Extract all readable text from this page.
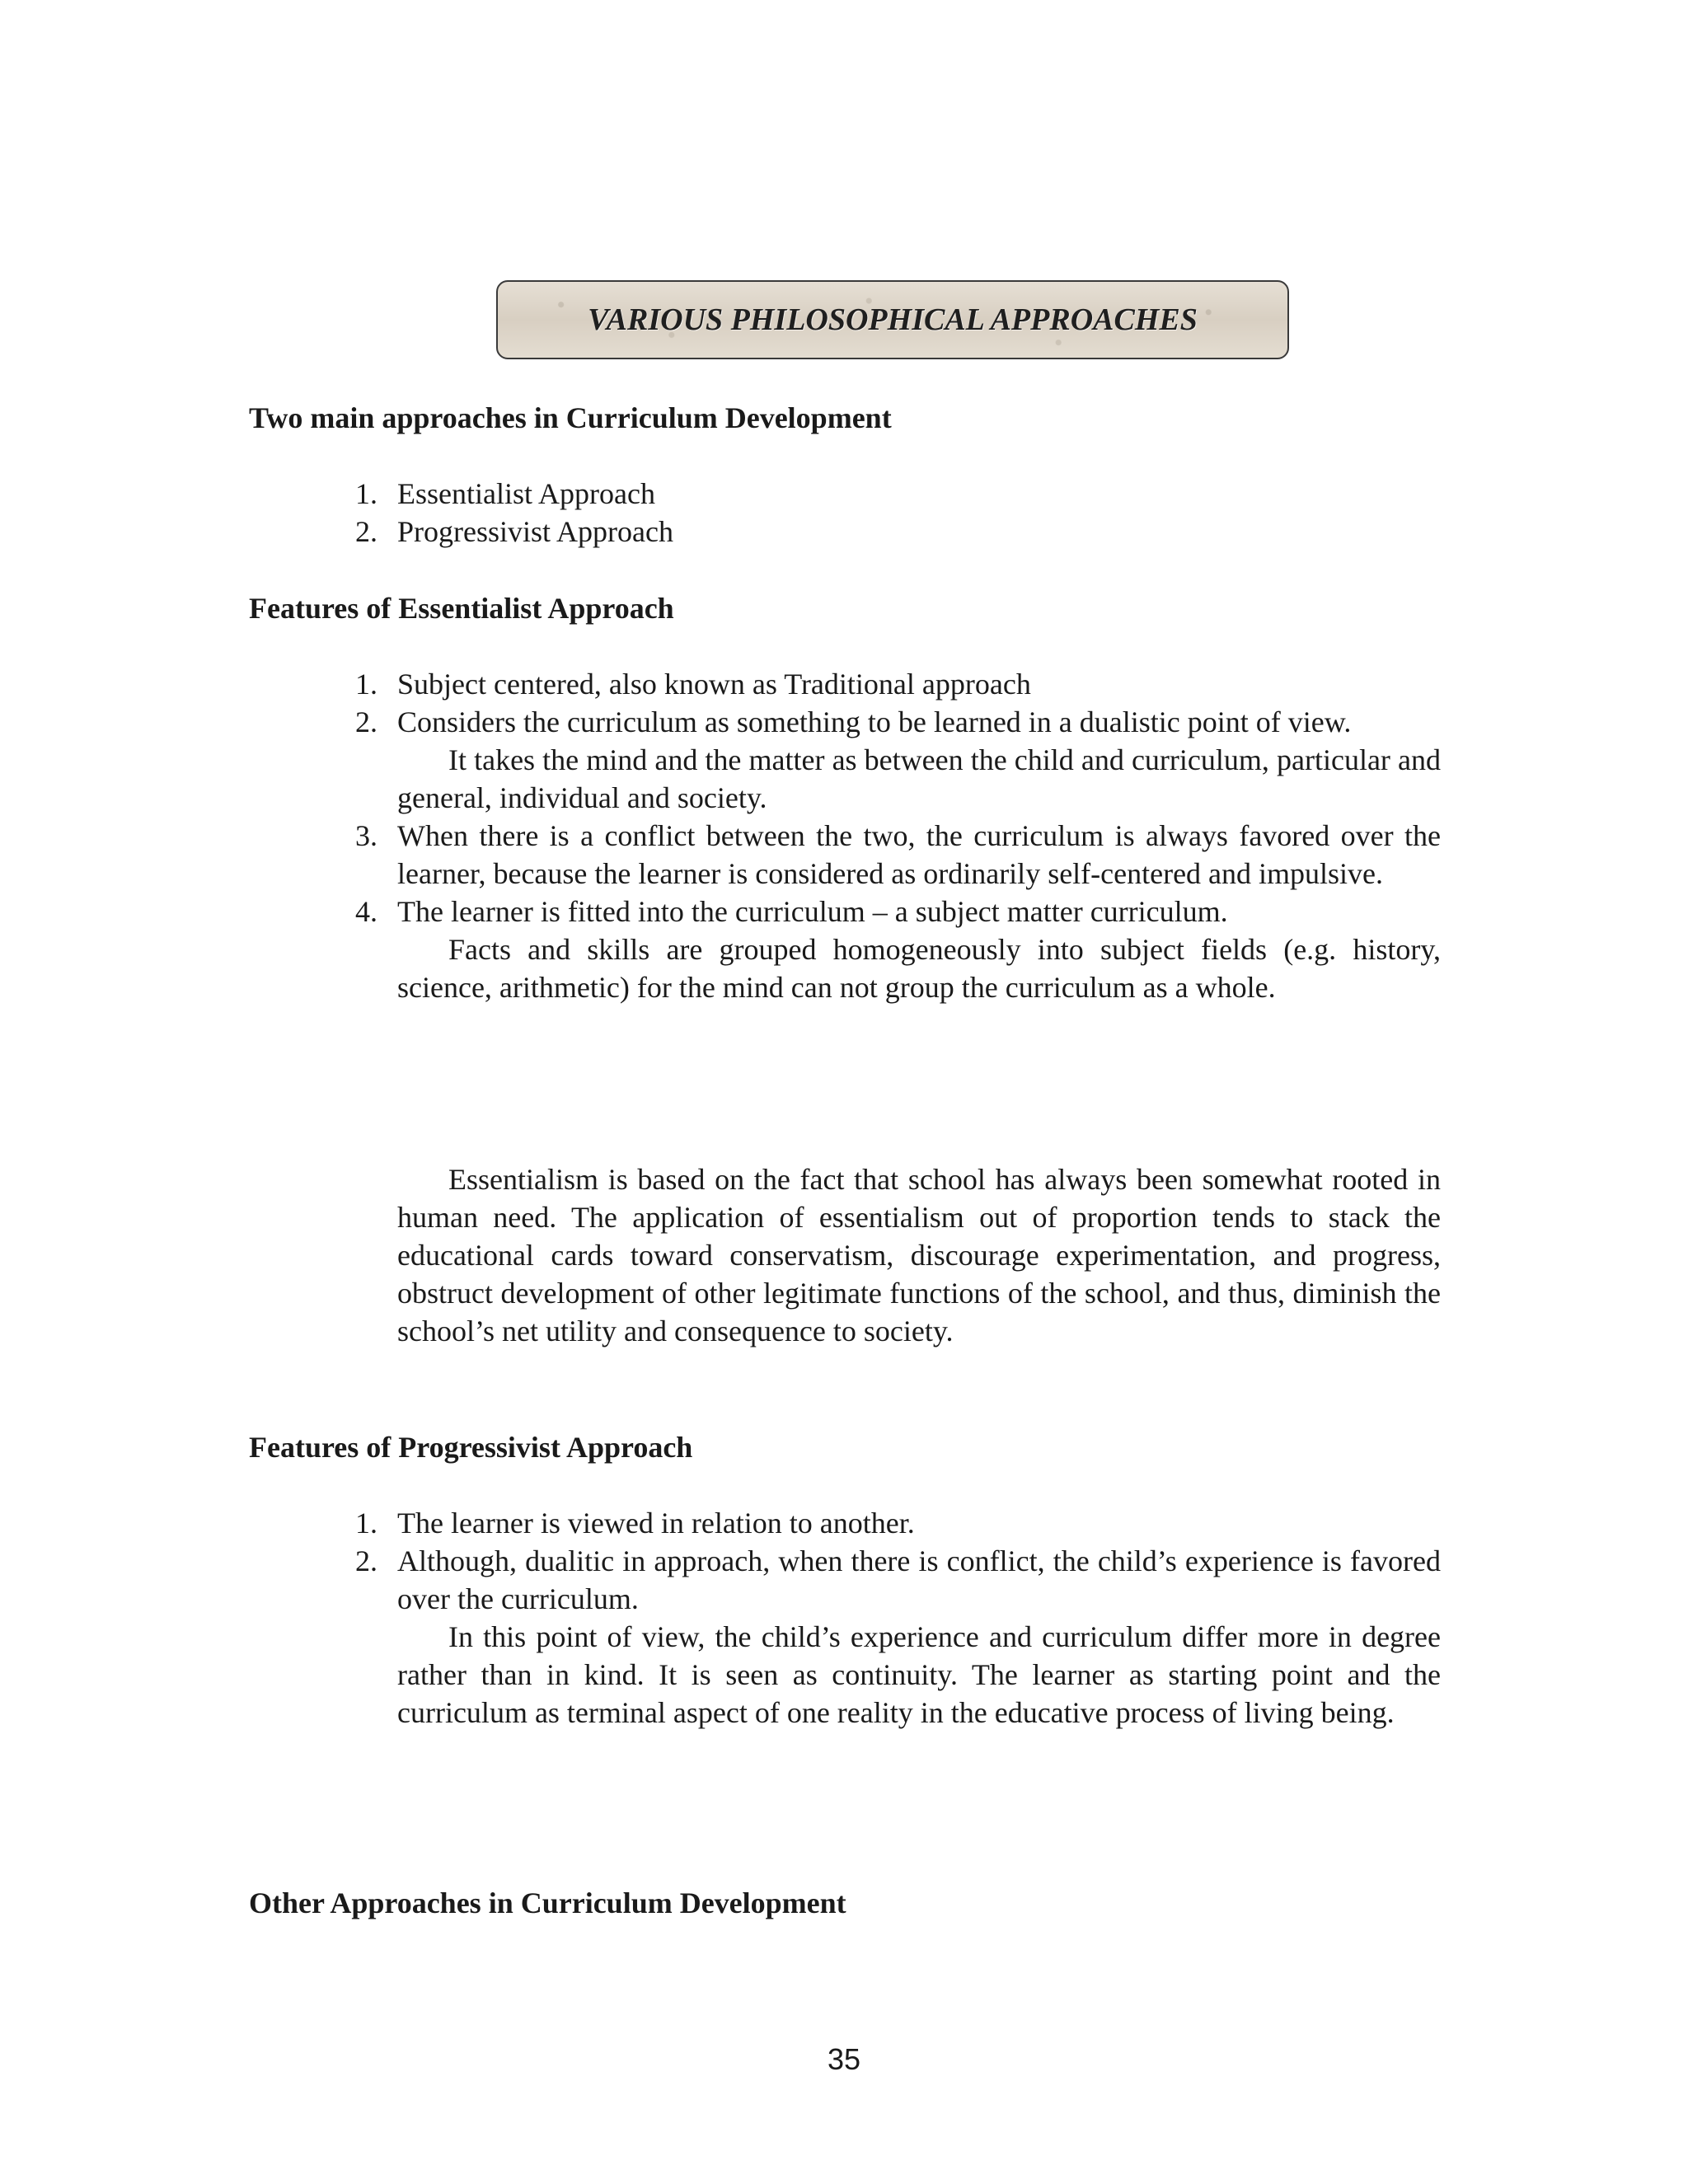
VARIOUS PHILOSOPHICAL APPROACHES
Two main approaches in Curriculum Development
1. Essentialist Approach
2. Progressivist Approach
Features of Essentialist Approach
1. Subject centered, also known as Traditional approach
2. Considers the curriculum as something to be learned in a dualistic point of view.
It takes the mind and the matter as between the child and curriculum, particular and general, individual and society.
3. When there is a conflict between the two, the curriculum is always favored over the learner, because the learner is considered as ordinarily self-centered and impulsive.
4. The learner is fitted into the curriculum – a subject matter curriculum.
Facts and skills are grouped homogeneously into subject fields (e.g. history, science, arithmetic) for the mind can not group the curriculum as a whole.

Essentialism is based on the fact that school has always been somewhat rooted in human need. The application of essentialism out of proportion tends to stack the educational cards toward conservatism, discourage experimentation, and progress, obstruct development of other legitimate functions of the school, and thus, diminish the school’s net utility and consequence to society.

Features of Progressivist Approach
1. The learner is viewed in relation to another.
2. Although, dualitic in approach, when there is conflict, the child’s experience is favored over the curriculum.
In this point of view, the child’s experience and curriculum differ more in degree rather than in kind. It is seen as continuity. The learner as starting point and the curriculum as terminal aspect of one reality in the educative process of living being.
Other Approaches in Curriculum Development
35
